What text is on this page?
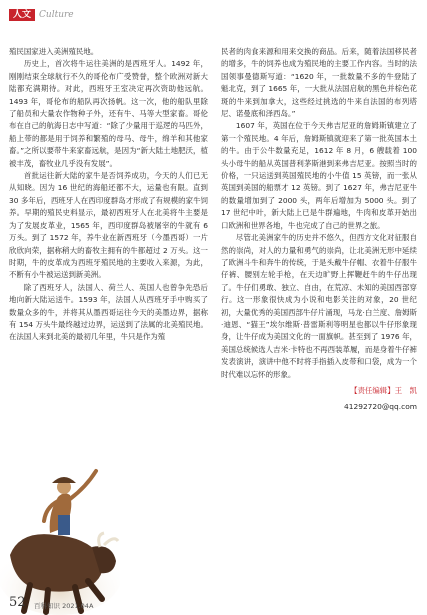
人文 Culture

殖民国家进入美洲殖民地。

历史上，首次将牛运往美洲的是西班牙人。1492 年，刚刚结束全球航行不久的哥伦布广受赞誉，整个欧洲对新大陆都充满期待。对此，西班牙王室决定再次资助他远航。1493 年，哥伦布的船队再次扬帆。这一次，他的船队里除了船员和大量农作物种子外，还有牛、马等大型家畜。哥伦布在自己的航海日志中写道：“除了少量用于巡逻的马匹外，船上带的都是用于饲养和繁殖的母马、母牛，绵羊和其他家畜。”之所以要带牛来家畜远航，是因为“新大陆土地肥沃，植被丰茂，畜牧业几乎没有发展”。

首批运往新大陆的家牛是否饲养成功，今天的人们已无从知晓。因为 16 世纪的海船还都不大，运量也有限。直到 30 多年后，西班牙人在西印度群岛才形成了有规模的家牛饲养。早期的殖民史料显示，最初西班牙人在北美将牛主要是为了发展皮革业，1565 年，西印度群岛被屠宰的牛就有 6 万头。到了 1572 年，养牛业在新西班牙（今墨西哥）一片欣欣向荣，据称稍大的畜牧主拥有的牛都超过 2 万头。这一时期，牛的皮革成为西班牙殖民地的主要收入来源，为此，不断有小牛被运送到新美洲。

除了西班牙人，法国人、荷兰人、英国人也曾争先恐后地向新大陆运送牛。1593 年，法国人从西班牙手中购买了数量众多的牛，并将其从墨西哥运往今天的美墨边界，据称有 154 万头牛最终越过边界，运送到了法属的北美殖民地。在法国人来到北美的最初几年里，牛只是作为殖

民者的肉食来源和用来交换的商品。后来，随着法国移民者的增多，牛的饲养也成为殖民地的主要工作内容。当时的法国领事曼德斯写道：“1620 年，一批数量不多的牛登陆了魁北克，到了 1665 年，一大批从法国启航的黑色并棕色花斑的牛来到加拿大，这些经过挑选的牛来自法国的布列塔尼、诺曼底和泽西岛。”

1607 年，英国在位于今天弗吉尼亚的詹姆斯镇建立了第一个殖民地。4 年后，詹姆斯镇就迎来了第一批英国本土的牛。由于公牛数量充足，1612 年 8 月，6 艘载着 100 头小母牛的船从英国普利茅斯港到来弗吉尼亚。按照当时的价格，一只运送到英国殖民地的小牛值 15 英镑，而一张从英国到美国的船票才 12 英镑。到了 1627 年，弗吉尼亚牛的数量增加到了 2000 头，两年后增加为 5000 头。到了 17 世纪中叶，新大陆上已是牛群遍地，牛肉和皮革开始出口欧洲和世界各地，牛也完成了自己的世界之旅。

尽管北美洲家牛的历史并不悠久，但西方文化对征服自然的崇尚，对人的力量和勇气的崇尚，让北美洲无形中延续了欧洲斗牛和奔牛的传统，于是头戴牛仔帽、衣着牛仔服牛仔裤、腰别左轮手枪，在天边旷野上挥鞭赶牛的牛仔出现了。牛仔们勇敢、独立、自由，在荒凉、未知的美国西部穿行。这一形象很快成为小说和电影关注的对象，20 世纪初，大量优秀的美国西部牛仔片涌现，马龙·白兰度、詹姆斯·迪恩、“猫王”埃尔维斯·普雷斯利等明星也都以牛仔形象现身，让牛仔成为美国文化的一面旗帜。甚至到了 1976 年，美国总统候选人吉米·卡特也不再西装革履，而是身着牛仔裤发表演讲，演讲中他不时将手指插入皮带和口袋，成为一个时代难以忘怀的形象。

【责任编辑】王　凯
41292720@qq.com
52 百科知识 2021.04A
